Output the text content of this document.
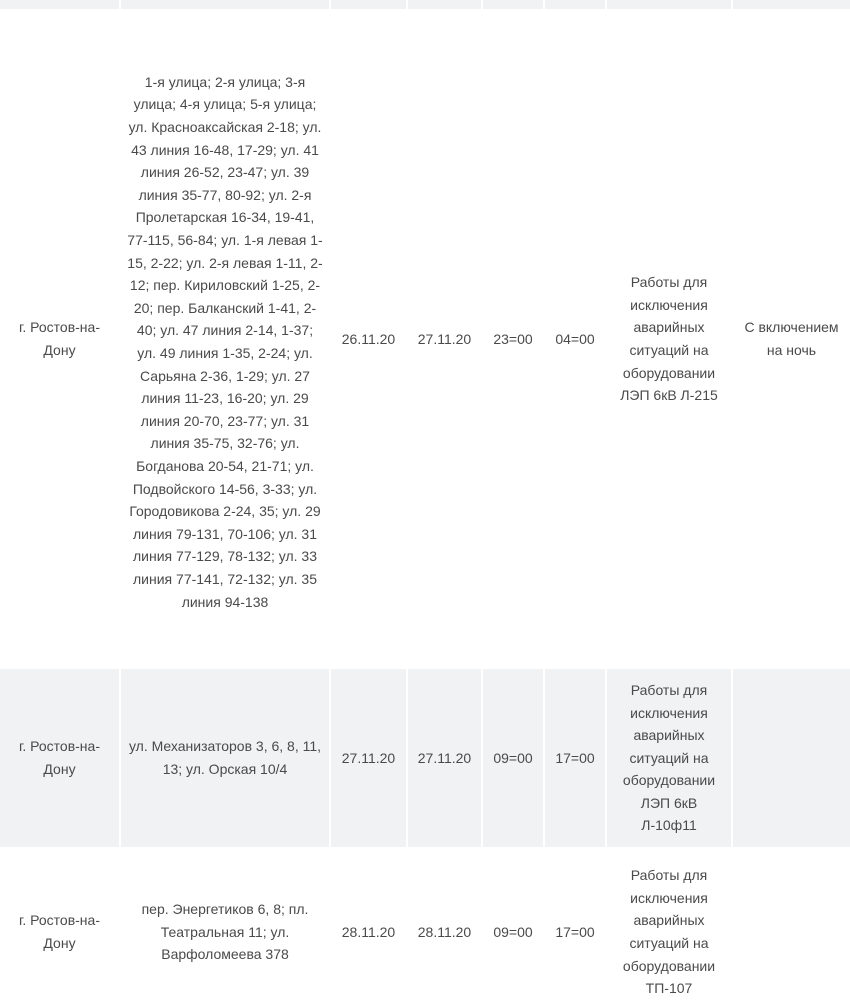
г. Ростов-на-Дону	1-я улица; 2-я улица; 3-я улица; 4-я улица; 5-я улица; ул. Красноаксайская 2-18; ул. 43 линия 16-48, 17-29; ул. 41 линия 26-52, 23-47; ул. 39 линия 35-77, 80-92; ул. 2-я Пролетарская 16-34, 19-41, 77-115, 56-84; ул. 1-я левая 1-15, 2-22; ул. 2-я левая 1-11, 2-12; пер. Кириловский 1-25, 2-20; пер. Балканский 1-41, 2-40; ул. 47 линия 2-14, 1-37; ул. 49 линия 1-35, 2-24; ул. Сарьяна 2-36, 1-29; ул. 27 линия 11-23, 16-20; ул. 29 линия 20-70, 23-77; ул. 31 линия 35-75, 32-76; ул. Богданова 20-54, 21-71; ул. Подвойского 14-56, 3-33; ул. Городовикова 2-24, 35; ул. 29 линия 79-131, 70-106; ул. 31 линия 77-129, 78-132; ул. 33 линия 77-141, 72-132; ул. 35 линия 94-138	26.11.20	27.11.20	23=00	04=00	Работы для исключения аварийных ситуаций на оборудовании ЛЭП 6кВ Л-215	С включением на ночь
г. Ростов-на-Дону	ул. Механизаторов 3, 6, 8, 11, 13; ул. Орская 10/4	27.11.20	27.11.20	09=00	17=00	Работы для исключения аварийных ситуаций на оборудовании ЛЭП 6кВ Л-10ф11	
г. Ростов-на-Дону	пер. Энергетиков 6, 8; пл. Театральная 11; ул. Варфоломеева 378	28.11.20	28.11.20	09=00	17=00	Работы для исключения аварийных ситуаций на оборудовании ТП-107	
